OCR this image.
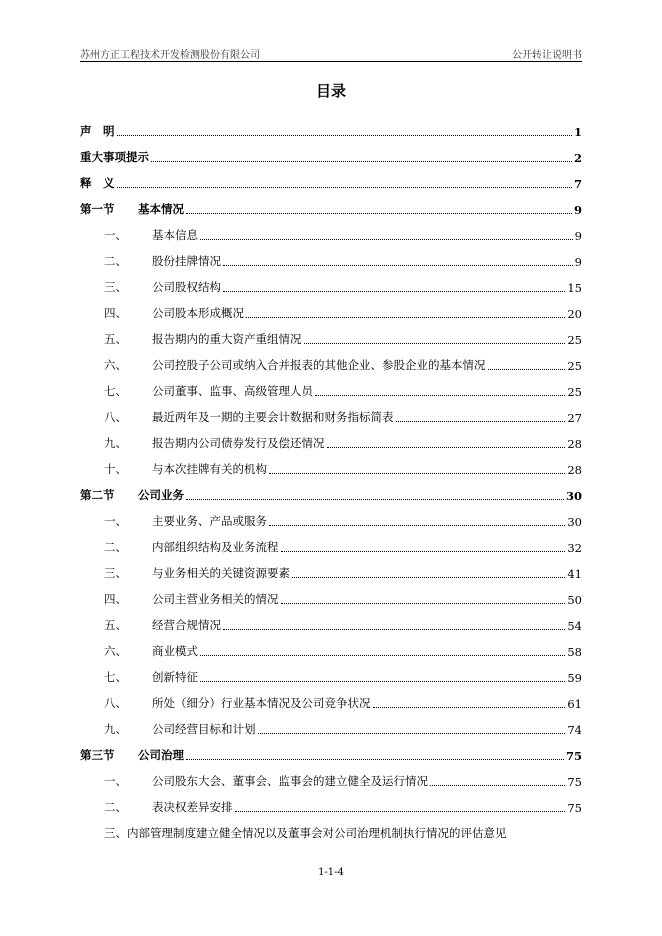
苏州方正工程技术开发检测股份有限公司	公开转让说明书
目录
声　明	1
重大事项提示	2
释　义	7
第一节	基本情况	9
一、	基本信息	9
二、	股份挂牌情况	9
三、	公司股权结构	15
四、	公司股本形成概况	20
五、	报告期内的重大资产重组情况	25
六、	公司控股子公司或纳入合并报表的其他企业、参股企业的基本情况	25
七、	公司董事、监事、高级管理人员	25
八、	最近两年及一期的主要会计数据和财务指标简表	27
九、	报告期内公司债券发行及偿还情况	28
十、	与本次挂牌有关的机构	28
第二节	公司业务	30
一、	主要业务、产品或服务	30
二、	内部组织结构及业务流程	32
三、	与业务相关的关键资源要素	41
四、	公司主营业务相关的情况	50
五、	经营合规情况	54
六、	商业模式	58
七、	创新特征	59
八、	所处（细分）行业基本情况及公司竞争状况	61
九、	公司经营目标和计划	74
第三节	公司治理	75
一、	公司股东大会、董事会、监事会的建立健全及运行情况	75
二、	表决权差异安排	75
三、内部管理制度建立健全情况以及董事会对公司治理机制执行情况的评估意见
1-1-4
